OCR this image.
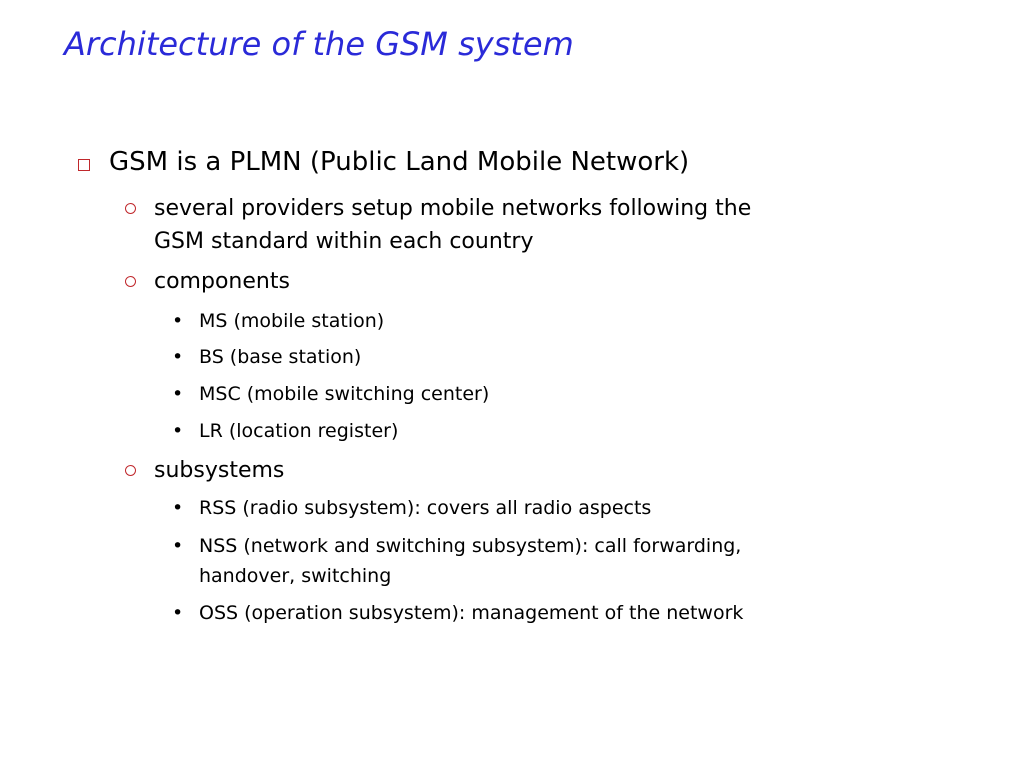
Architecture of the GSM system
GSM is a PLMN (Public Land Mobile Network)
several providers setup mobile networks following the
GSM standard within each country
components
• MS (mobile station)
• BS (base station)
• MSC (mobile switching center)
• LR (location register)
subsystems
• RSS (radio subsystem): covers all radio aspects
• NSS (network and switching subsystem): call forwarding,
handover, switching
• OSS (operation subsystem): management of the network
